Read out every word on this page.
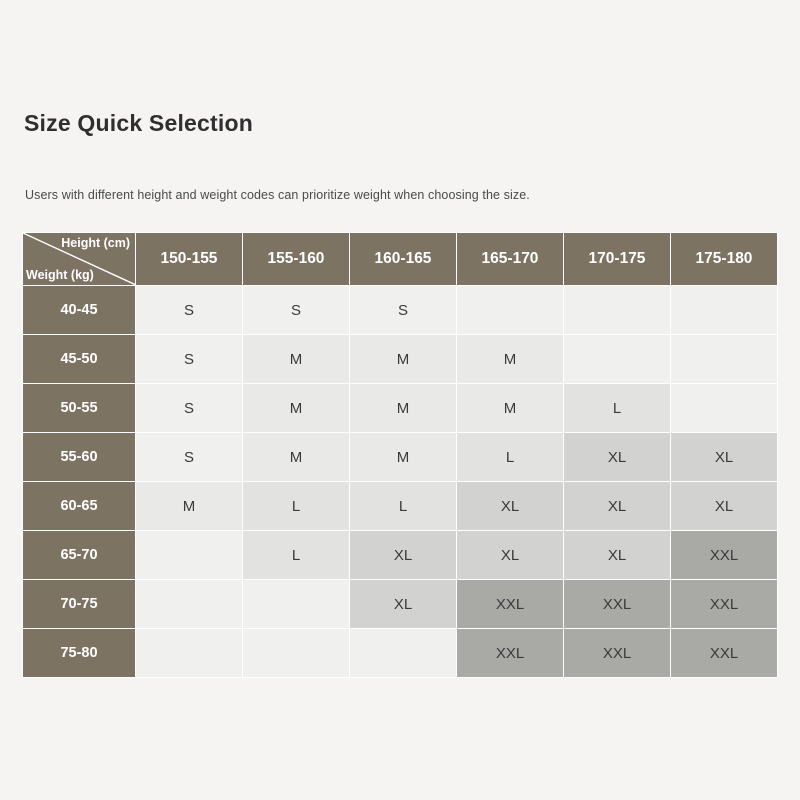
Size Quick Selection
Users with different height and weight codes can prioritize weight when choosing the size.
Height (cm)
Weight (kg)	150-155	155-160	160-165	165-170	170-175	175-180
40-45	S	S	S			
45-50	S	M	M	M		
50-55	S	M	M	M	L	
55-60	S	M	M	L	XL	XL
60-65	M	L	L	XL	XL	XL
65-70		L	XL	XL	XL	XXL
70-75			XL	XXL	XXL	XXL
75-80				XXL	XXL	XXL
